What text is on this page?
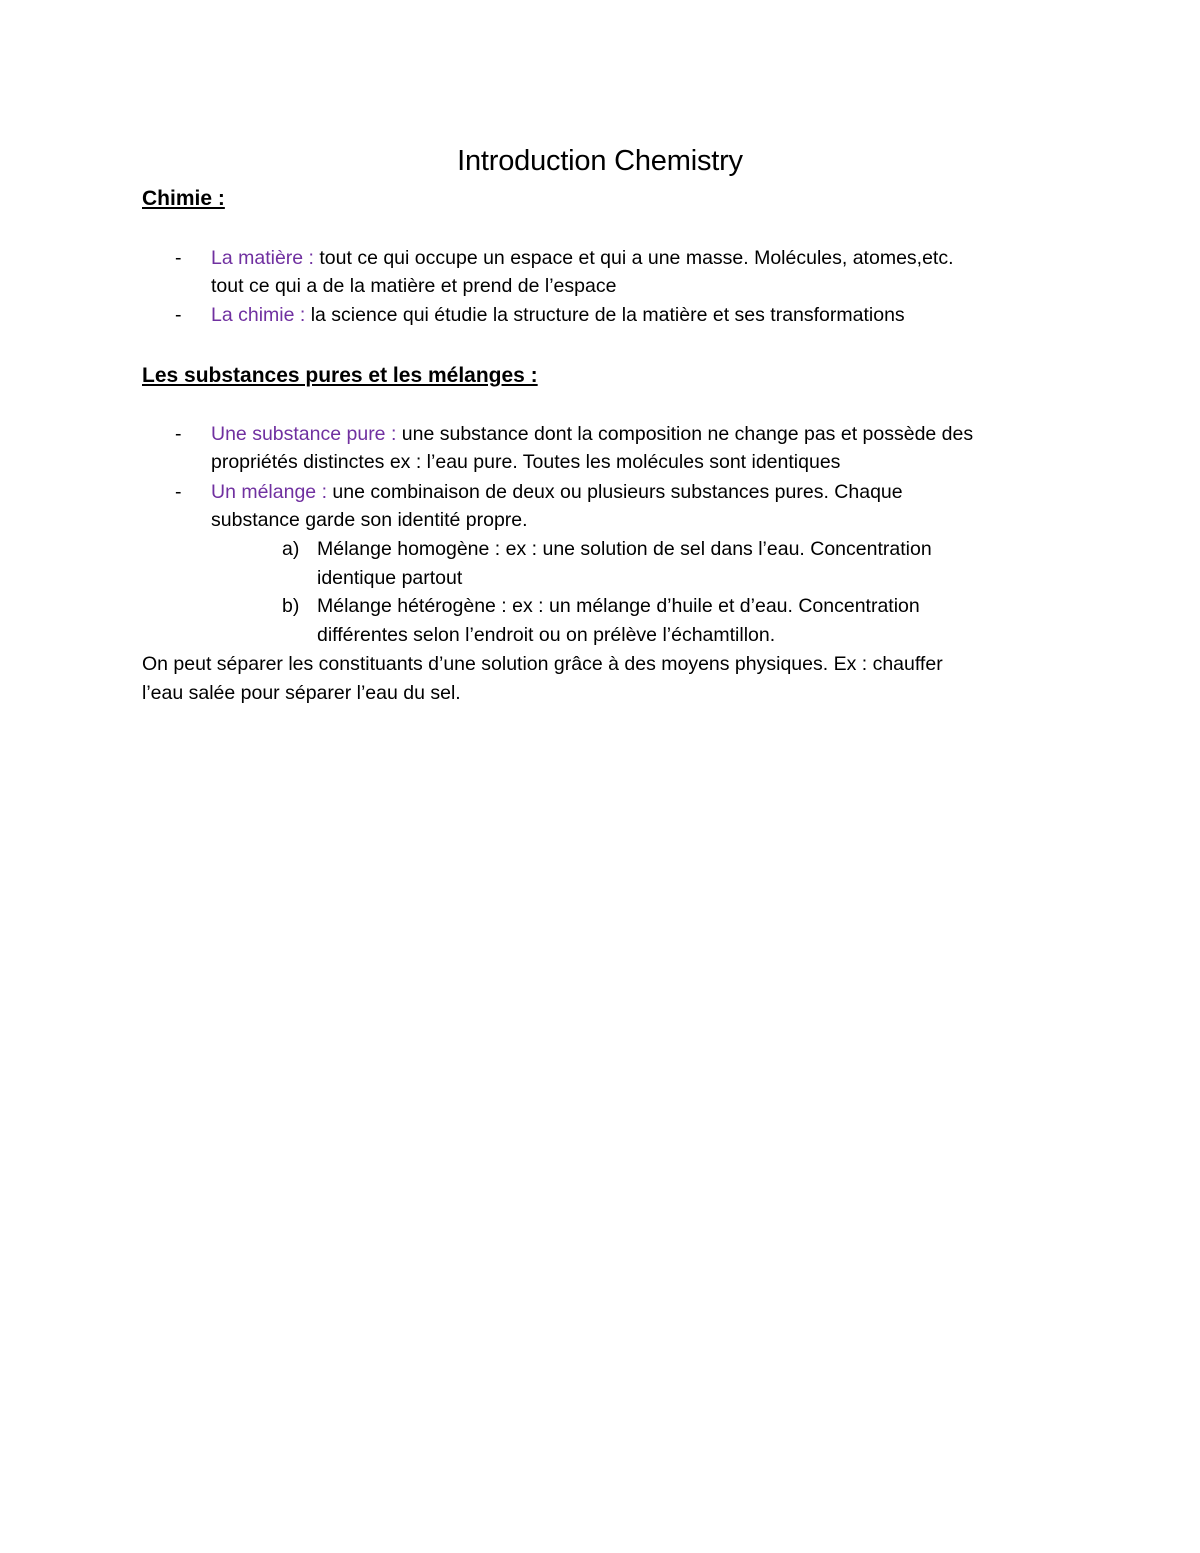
Introduction Chemistry
Chimie :
- La matière : tout ce qui occupe un espace et qui a une masse. Molécules, atomes,etc.
tout ce qui a de la matière et prend de l’espace
- La chimie : la science qui étudie la structure de la matière et ses transformations
Les substances pures et les mélanges :
- Une substance pure : une substance dont la composition ne change pas et possède des
propriétés distinctes ex : l’eau pure. Toutes les molécules sont identiques
- Un mélange : une combinaison de deux ou plusieurs substances pures. Chaque
substance garde son identité propre.
a) Mélange homogène : ex : une solution de sel dans l’eau. Concentration
identique partout
b) Mélange hétérogène : ex : un mélange d’huile et d’eau. Concentration
différentes selon l’endroit ou on prélève l’échamtillon.
On peut séparer les constituants d’une solution grâce à des moyens physiques. Ex : chauffer
l’eau salée pour séparer l’eau du sel.
